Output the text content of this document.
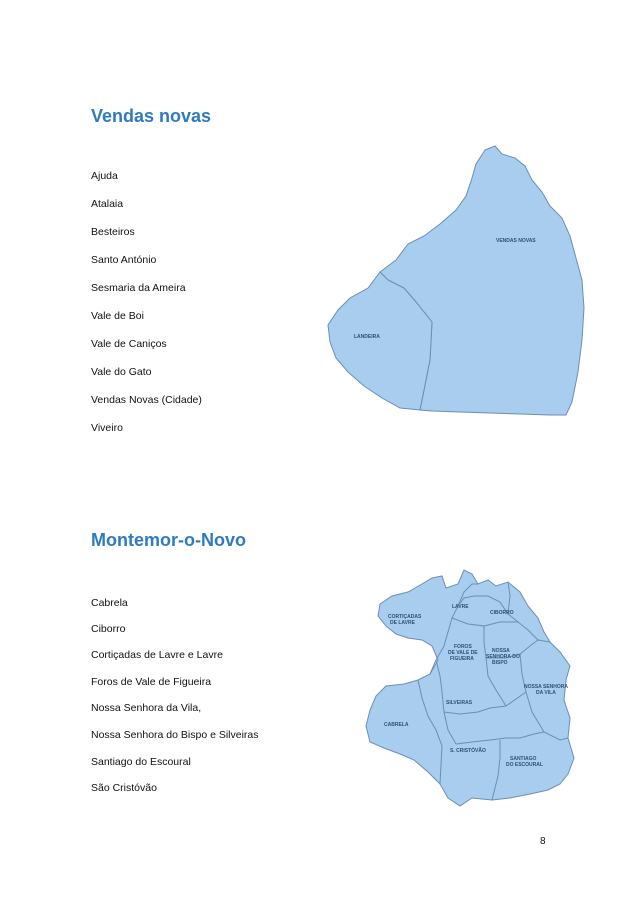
Vendas novas
Ajuda
Atalaia
Besteiros
Santo António
Sesmaria da Ameira
Vale de Boi
Vale de Caniços
Vale do Gato
Vendas Novas (Cidade)
Viveiro
VENDAS NOVAS
LANDEIRA
Montemor-o-Novo
Cabrela
Ciborro
Cortiçadas de Lavre e Lavre
Foros de Vale de Figueira
Nossa Senhora da Vila,
Nossa Senhora do Bispo e Silveiras
Santiago do Escoural
São Cristóvão
CORTIÇADAS
DE LAVRE
LAVRE
CIBORRO
FOROS
DE VALE DE
FIGUEIRA
NOSSA
SENHORA DO
BISPO
NOSSA SENHORA
DA VILA
SILVEIRAS
CABRELA
S. CRISTÓVÃO
SANTIAGO
DO ESCOURAL
8
